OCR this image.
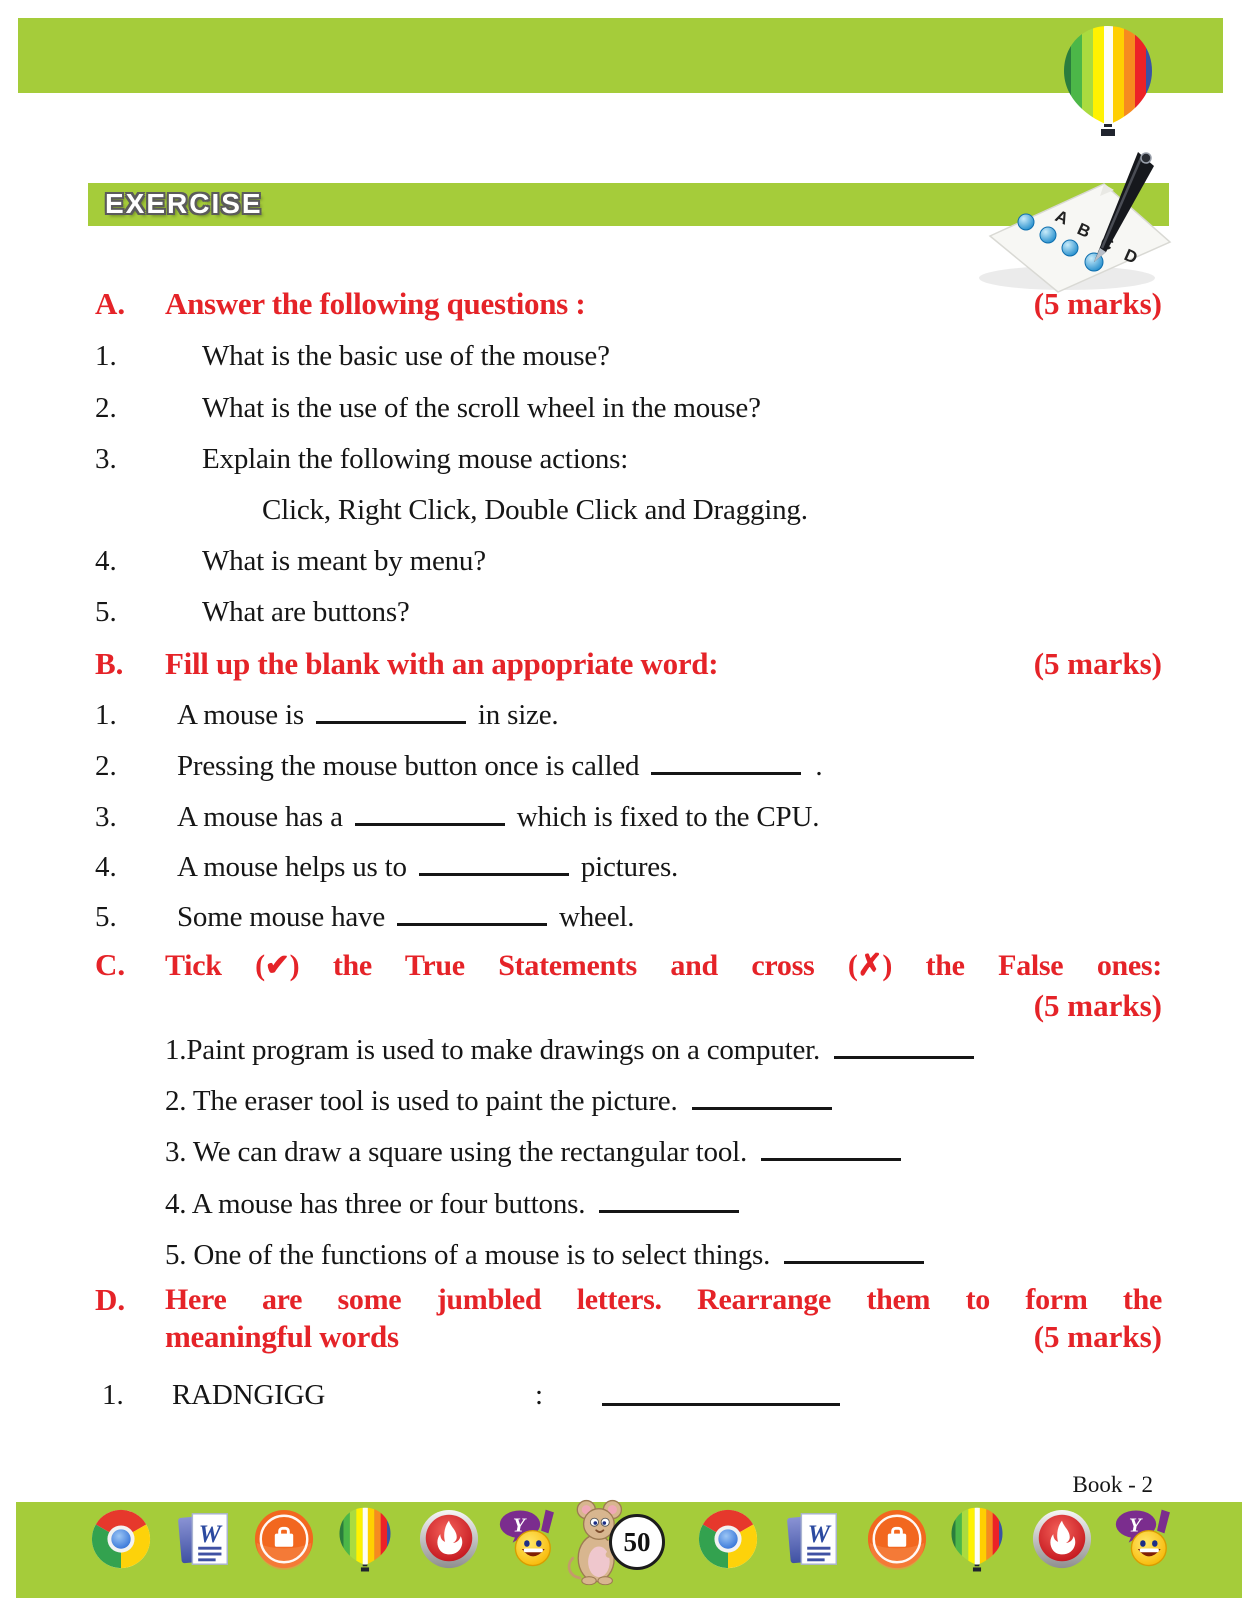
EXERCISE
A.	Answer the following questions :	(5 marks)
1.	What is the basic use of the mouse?
2.	What is the use of the scroll wheel in the mouse?
3.	Explain the following mouse actions:
Click, Right Click, Double Click and Dragging.
4.	What is meant by menu?
5.	What are buttons?
B.	Fill up the blank with an appopriate word:	(5 marks)
1.	A mouse is	in size.
2.	Pressing the mouse button once is called	.
3.	A mouse has a	which is fixed to the CPU.
4.	A mouse helps us to	pictures.
5.	Some mouse have	wheel.
C.	Tick (✔) the True Statements and cross (✗) the False ones:
(5 marks)
1.Paint program is used to make drawings on a computer.
2. The eraser tool is used to paint the picture.
3. We can draw a square using the rectangular tool.
4. A mouse has three or four buttons.
5. One of the functions of a mouse is to select things.
D.	Here are some jumbled letters. Rearrange them to form the
meaningful words	(5 marks)
1.	RADNGIGG	:
Book - 2
50
